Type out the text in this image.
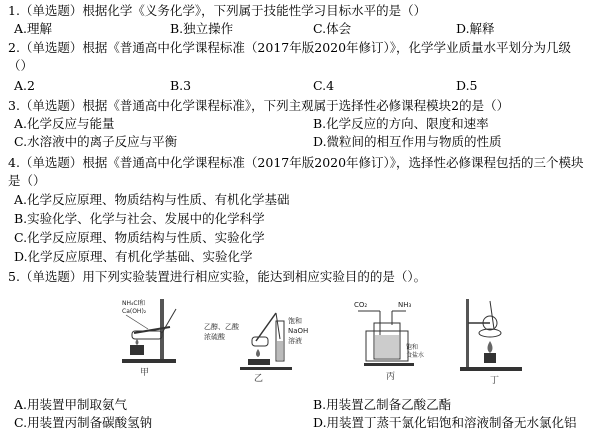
1.（单选题）根据化学《义务化学》，下列属于技能性学习目标水平的是（）
A.理解	B.独立操作	C.体会	D.解释
2.（单选题）根据《普通高中化学课程标准（2017年版2020年修订）》，化学学业质量水平划分为几级
（）
A.2	B.3	C.4	D.5
3.（单选题）根据《普通高中化学课程标准》，下列主观属于选择性必修课程模块2的是（）
A.化学反应与能量	B.化学反应的方向、限度和速率
C.水溶液中的离子反应与平衡	D.微粒间的相互作用与物质的性质
4.（单选题）根据《普通高中化学课程标准（2017年版2020年修订）》，选择性必修课程包括的三个模块
是（）
A.化学反应原理、物质结构与性质、有机化学基础
B.实验化学、化学与社会、发展中的化学科学
C.化学反应原理、物质结构与性质、实验化学
D.化学反应原理、有机化学基础、实验化学
5.（单选题）用下列实验装置进行相应实验，能达到相应实验目的的是（）。
NH₄Cl和
Ca(OH)₂
甲
乙醇、乙酸
浓硫酸
饱和
NaOH
溶液
乙
CO₂	NH₃
饱和
食盐水
丙	丁
A.用装置甲制取氨气	B.用装置乙制备乙酸乙酯
C.用装置丙制备碳酸氢钠	D.用装置丁蒸干氯化铝饱和溶液制备无水氯化铝
